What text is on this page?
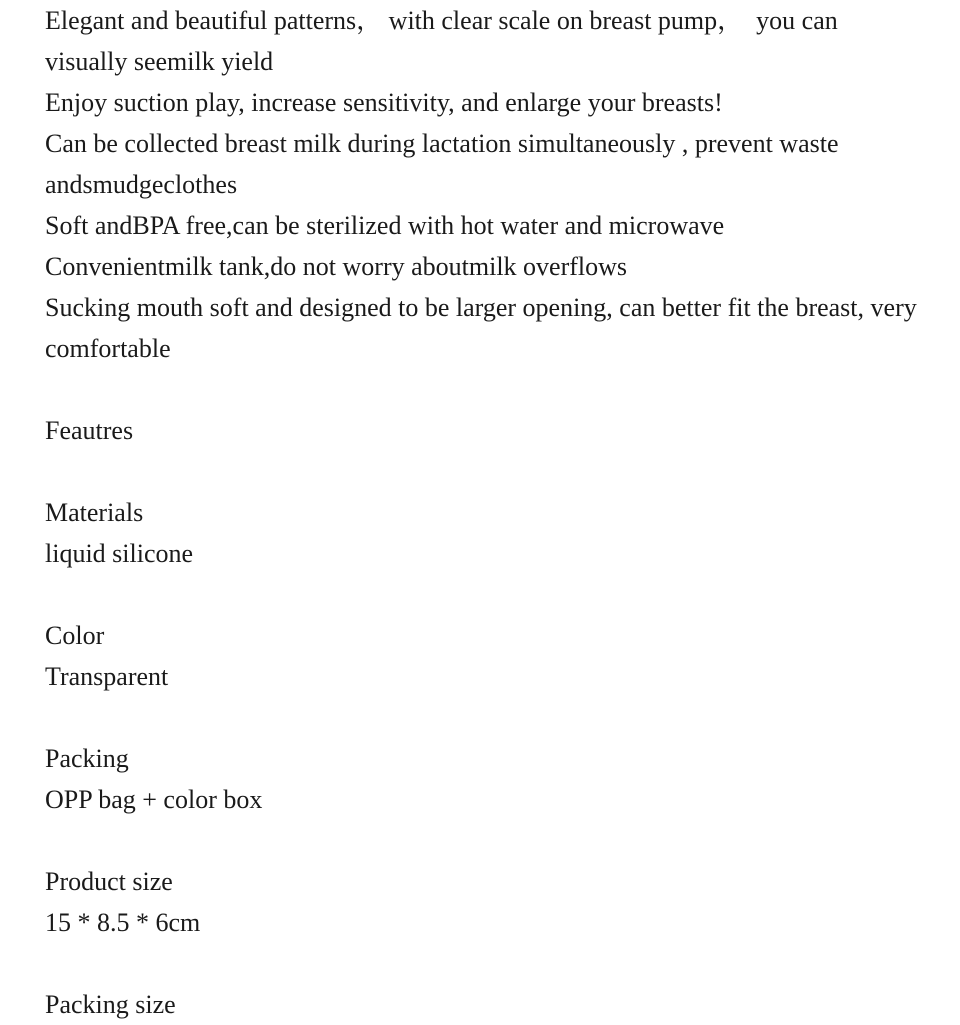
Elegant and beautiful patterns， with clear scale on breast pump，  you can visually seemilk yield
Enjoy suction play, increase sensitivity, and enlarge your breasts!
Can be collected breast milk during lactation simultaneously , prevent waste andsmudgeclothes
Soft andBPA free,can be sterilized with hot water and microwave
Convenientmilk tank,do not worry aboutmilk overflows
Sucking mouth soft and designed to be larger opening, can better fit the breast, very comfortable
Feautres
Materials
liquid silicone
Color
Transparent
Packing
OPP bag + color box
Product size
15 * 8.5 * 6cm
Packing size
